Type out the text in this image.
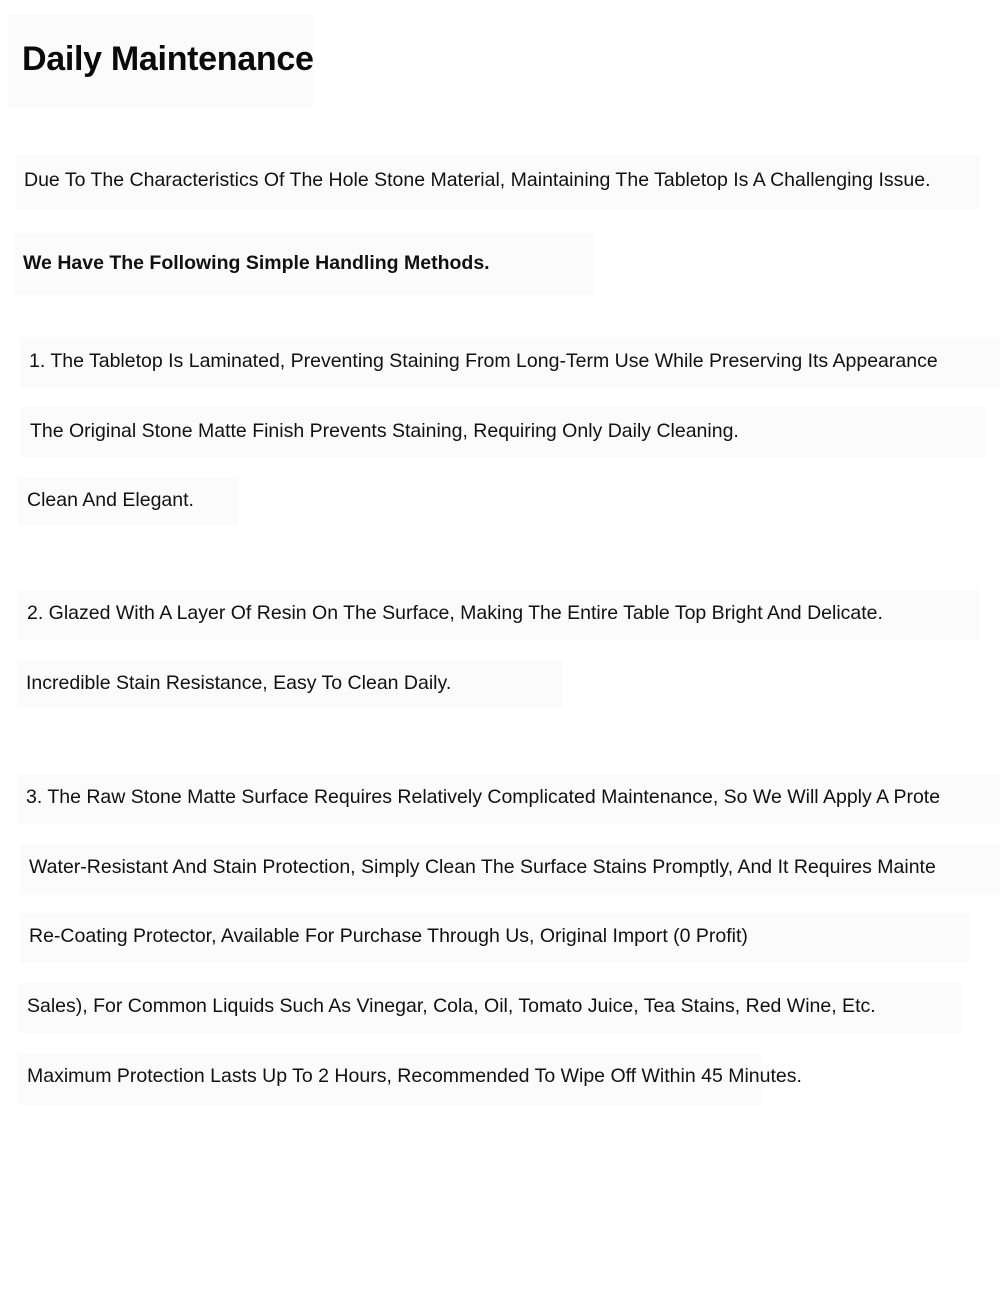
Daily Maintenance

Due To The Characteristics Of The Hole Stone Material, Maintaining The Tabletop Is A Challenging Issue.

We Have The Following Simple Handling Methods.

1. The Tabletop Is Laminated, Preventing Staining From Long-Term Use While Preserving Its Appearance

The Original Stone Matte Finish Prevents Staining, Requiring Only Daily Cleaning.

Clean And Elegant.

2. Glazed With A Layer Of Resin On The Surface, Making The Entire Table Top Bright And Delicate.

Incredible Stain Resistance, Easy To Clean Daily.

3. The Raw Stone Matte Surface Requires Relatively Complicated Maintenance, So We Will Apply A Prote

Water-Resistant And Stain Protection, Simply Clean The Surface Stains Promptly, And It Requires Mainte

Re-Coating Protector, Available For Purchase Through Us, Original Import (0 Profit)

Sales), For Common Liquids Such As Vinegar, Cola, Oil, Tomato Juice, Tea Stains, Red Wine, Etc.

Maximum Protection Lasts Up To 2 Hours, Recommended To Wipe Off Within 45 Minutes.
